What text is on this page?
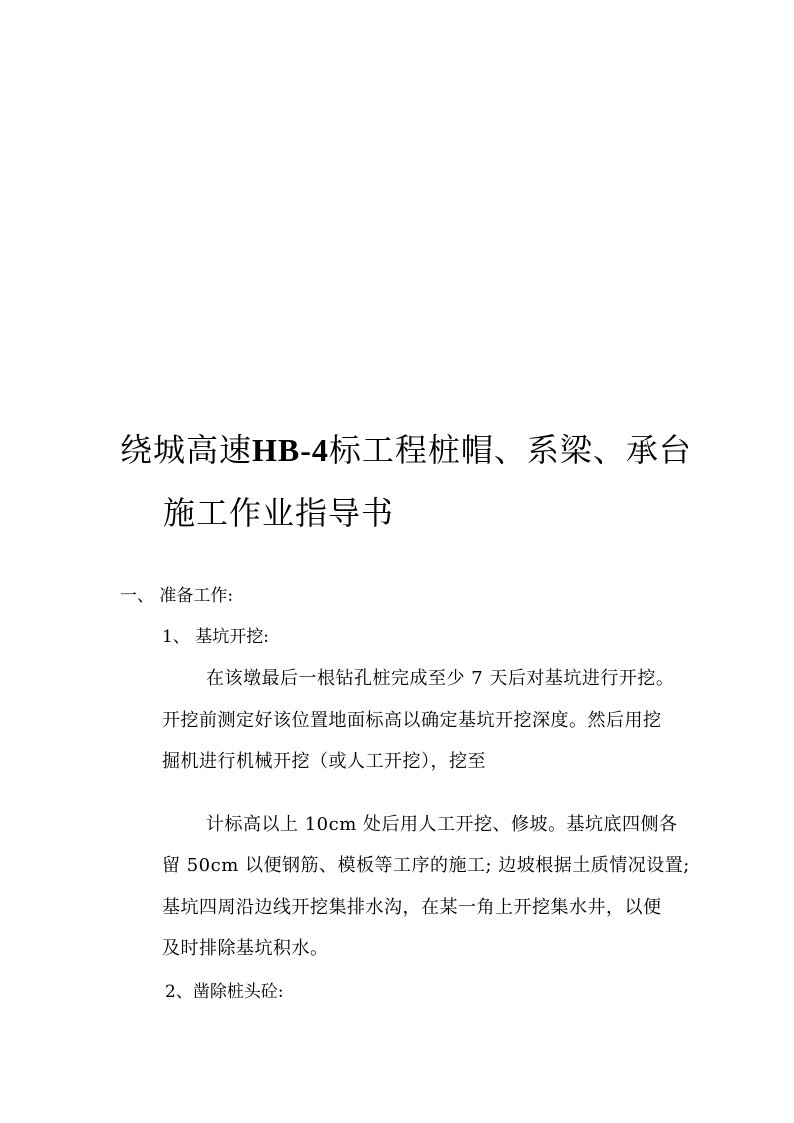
绕城高速HB-4标工程桩帽、系梁、承台
施工作业指导书
一、 准备工作:
1、 基坑开挖:
在该墩最后一根钻孔桩完成至少 7 天后对基坑进行开挖。
开挖前测定好该位置地面标高以确定基坑开挖深度。然后用挖
掘机进行机械开挖（或人工开挖），挖至
计标高以上 10cm 处后用人工开挖、修坡。基坑底四侧各
留 50cm 以便钢筋、模板等工序的施工; 边坡根据土质情况设置;
基坑四周沿边线开挖集排水沟，在某一角上开挖集水井，以便
及时排除基坑积水。
2、凿除桩头砼:
